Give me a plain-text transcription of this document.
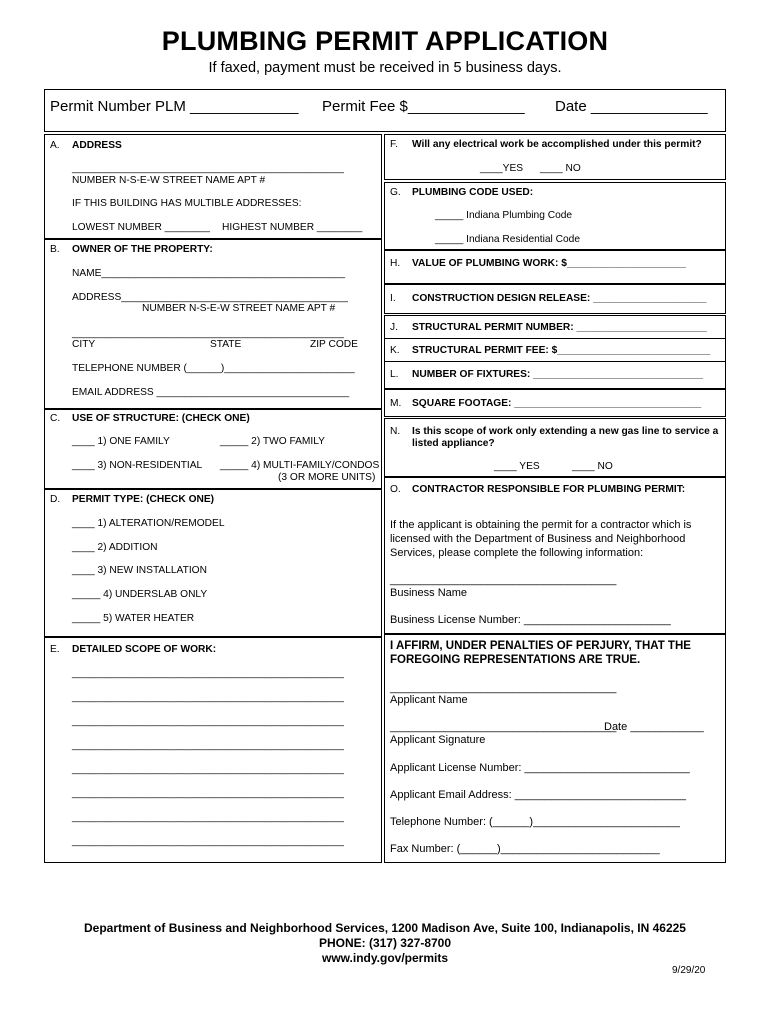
PLUMBING PERMIT APPLICATION
If faxed, payment must be received in 5 business days.
Permit Number PLM _____________ Permit Fee $______________ Date ______________
A. ADDRESS
________________________________________________
NUMBER N-S-E-W STREET NAME APT #
IF THIS BUILDING HAS MULTIBLE ADDRESSES:
LOWEST NUMBER ________ HIGHEST NUMBER ________
B. OWNER OF THE PROPERTY:
NAME___________________________________________
ADDRESS________________________________________
NUMBER N-S-E-W STREET NAME APT #
________________________________________________
CITY	STATE	ZIP CODE
TELEPHONE NUMBER (______)_______________________
EMAIL ADDRESS __________________________________
C. USE OF STRUCTURE: (CHECK ONE)
____ 1) ONE FAMILY	_____ 2) TWO FAMILY
____ 3) NON-RESIDENTIAL _____ 4) MULTI-FAMILY/CONDOS
(3 OR MORE UNITS)
D. PERMIT TYPE: (CHECK ONE)
____ 1) ALTERATION/REMODEL
____ 2) ADDITION
____ 3) NEW INSTALLATION
_____ 4) UNDERSLAB ONLY
_____ 5) WATER HEATER
E. DETAILED SCOPE OF WORK:
________________________________________________
________________________________________________
________________________________________________
________________________________________________
________________________________________________
________________________________________________
________________________________________________
________________________________________________
F. Will any electrical work be accomplished under this permit?
____YES ____ NO
G. PLUMBING CODE USED:
_____ Indiana Plumbing Code
_____ Indiana Residential Code
H. VALUE OF PLUMBING WORK: $_____________________
I. CONSTRUCTION DESIGN RELEASE: ____________________
J. STRUCTURAL PERMIT NUMBER: _______________________
K. STRUCTURAL PERMIT FEE: $___________________________
L. NUMBER OF FIXTURES: ______________________________
M. SQUARE FOOTAGE: _________________________________
N. Is this scope of work only extending a new gas line to service a
listed appliance?
____ YES	____ NO
O. CONTRACTOR RESPONSIBLE FOR PLUMBING PERMIT:
If the applicant is obtaining the permit for a contractor which is
licensed with the Department of Business and Neighborhood
Services, please complete the following information:
_____________________________________
Business Name
Business License Number: ________________________
I AFFIRM, UNDER PENALTIES OF PERJURY, THAT THE
FOREGOING REPRESENTATIONS ARE TRUE.
_____________________________________
Applicant Name
_____________________________________
Date ____________
Applicant Signature
Applicant License Number: ___________________________
Applicant Email Address: ____________________________
Telephone Number: (______)________________________
Fax Number: (______)__________________________
Department of Business and Neighborhood Services, 1200 Madison Ave, Suite 100, Indianapolis, IN 46225
PHONE: (317) 327-8700
www.indy.gov/permits
9/29/20
